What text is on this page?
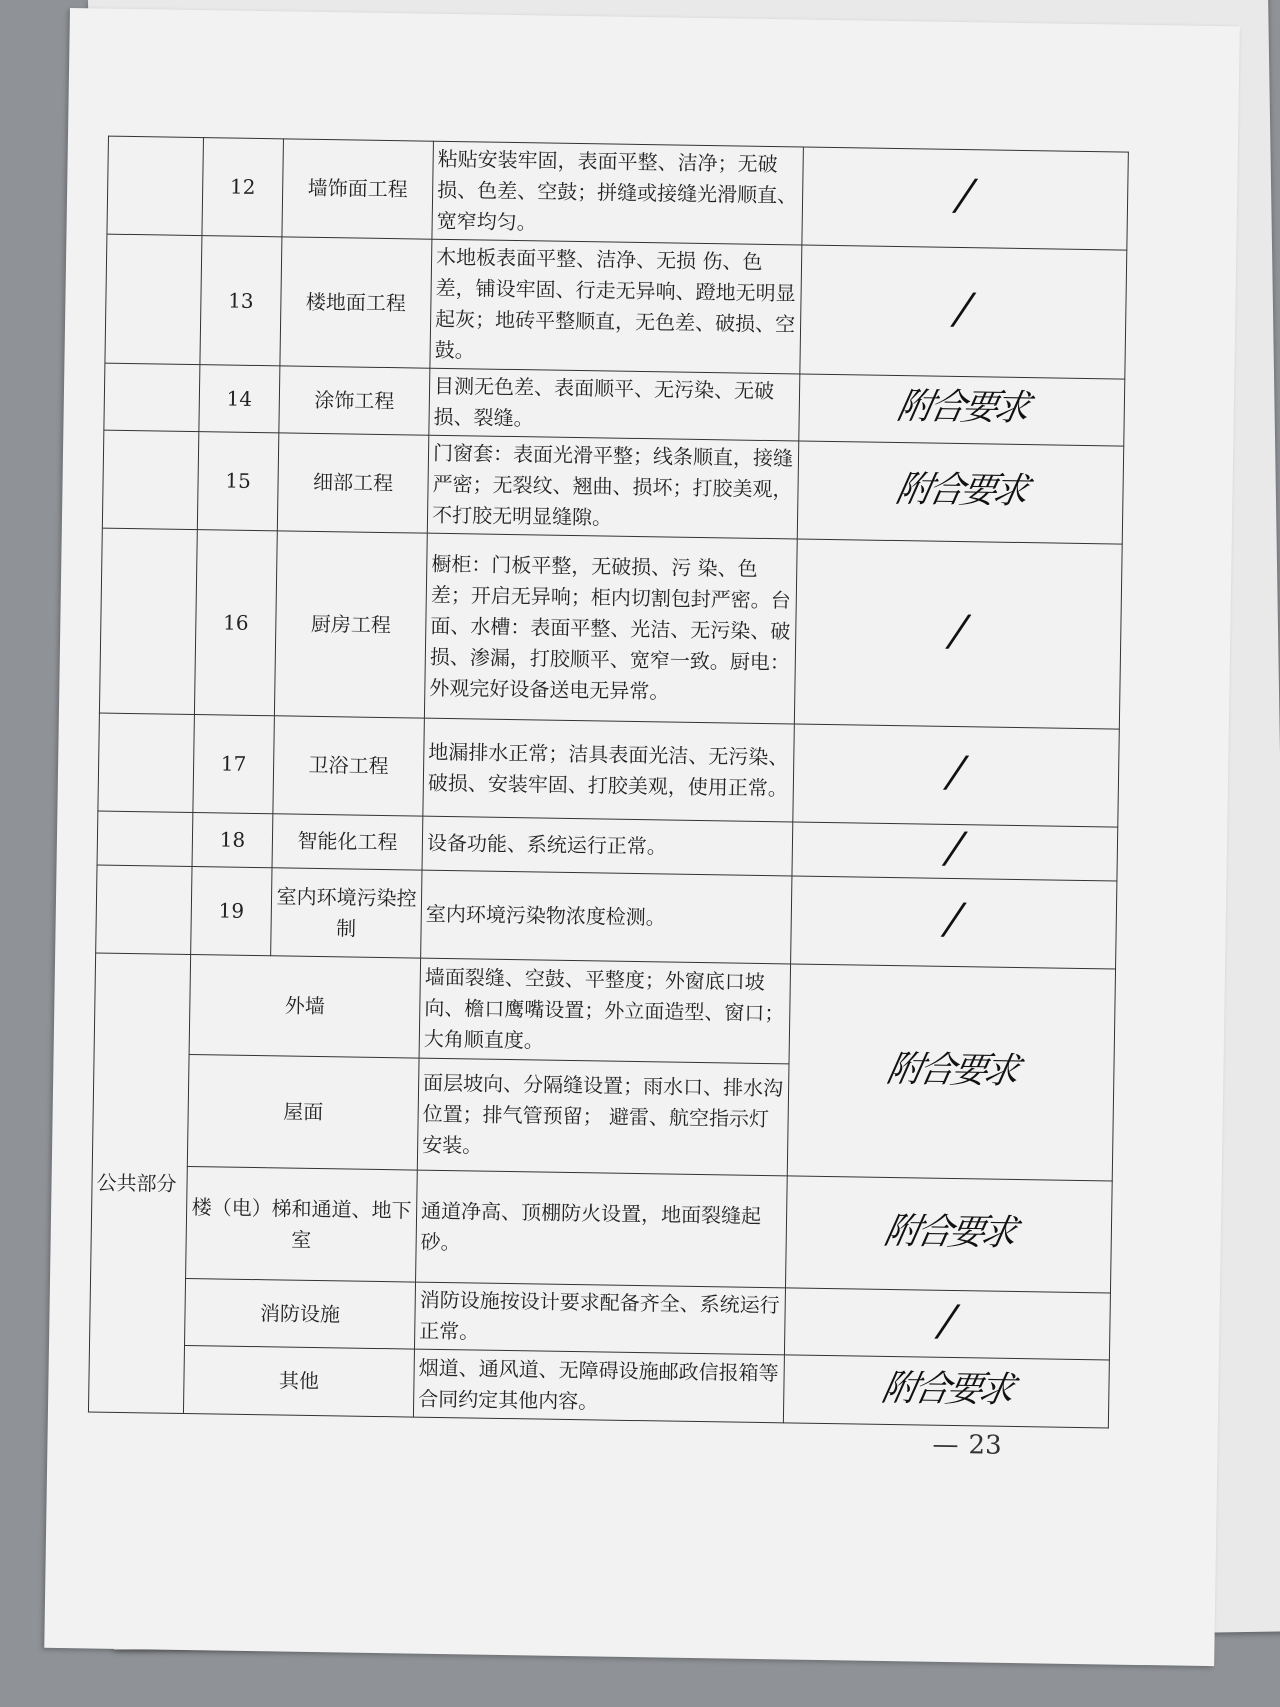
	12	墙饰面工程	粘贴安装牢固，表面平整、洁净；无破损、色差、空鼓；拼缝或接缝光滑顺直、宽窄均匀。	/
	13	楼地面工程	木地板表面平整、洁净、无损 伤、色差，铺设牢固、行走无异响、蹬地无明显起灰；地砖平整顺直，无色差、破损、空鼓。	/
	14	涂饰工程	目测无色差、表面顺平、无污染、无破损、裂缝。	附合要求
	15	细部工程	门窗套：表面光滑平整；线条顺直，接缝严密；无裂纹、翘曲、损坏；打胶美观，不打胶无明显缝隙。	附合要求
	16	厨房工程	橱柜：门板平整，无破损、污 染、色差；开启无异响；柜内切割包封严密。台面、水槽：表面平整、光洁、无污染、破损、渗漏，打胶顺平、宽窄一致。厨电：外观完好设备送电无异常。	/
	17	卫浴工程	地漏排水正常；洁具表面光洁、无污染、破损、安装牢固、打胶美观，使用正常。	/
	18	智能化工程	设备功能、系统运行正常。	/
	19	室内环境污染控制	室内环境污染物浓度检测。	/
公共部分	外墙		墙面裂缝、空鼓、平整度；外窗底口坡向、檐口鹰嘴设置；外立面造型、窗口；大角顺直度。	附合要求
	屋面		面层坡向、分隔缝设置；雨水口、排水沟位置；排气管预留； 避雷、航空指示灯安装。	
	楼（电）梯和通道、地下室		通道净高、顶棚防火设置，地面裂缝起砂。	附合要求
	消防设施		消防设施按设计要求配备齐全、系统运行正常。	/
	其他		烟道、通风道、无障碍设施邮政信报箱等合同约定其他内容。	附合要求
— 23
